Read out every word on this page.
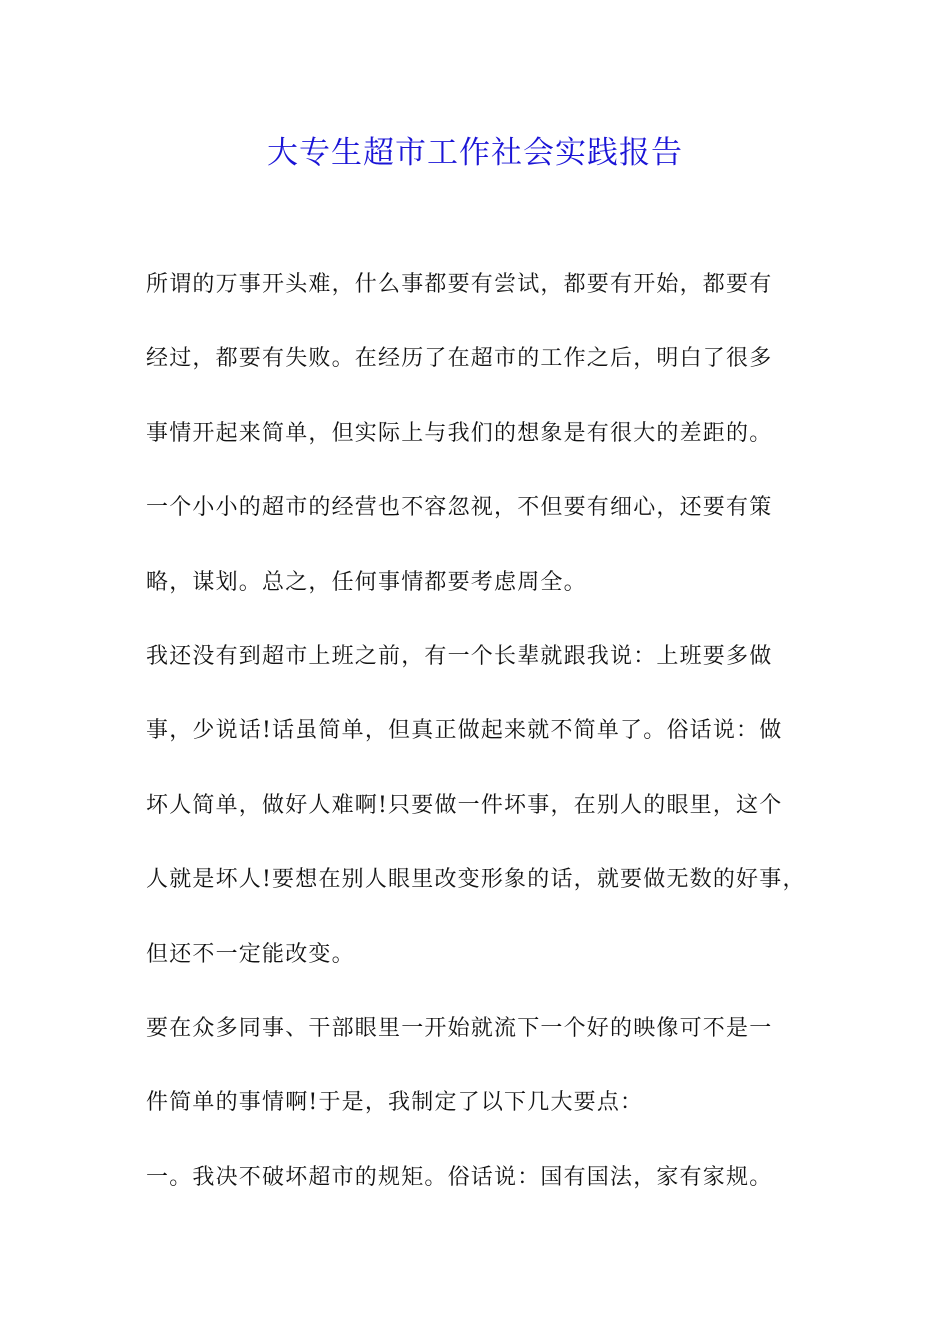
大专生超市工作社会实践报告
所谓的万事开头难，什么事都要有尝试，都要有开始，都要有
经过，都要有失败。在经历了在超市的工作之后，明白了很多
事情开起来简单，但实际上与我们的想象是有很大的差距的。
一个小小的超市的经营也不容忽视，不但要有细心，还要有策
略，谋划。总之，任何事情都要考虑周全。
我还没有到超市上班之前，有一个长辈就跟我说：上班要多做
事，少说话!话虽简单，但真正做起来就不简单了。俗话说：做
坏人简单，做好人难啊!只要做一件坏事，在别人的眼里，这个
人就是坏人!要想在别人眼里改变形象的话，就要做无数的好事，
但还不一定能改变。
要在众多同事、干部眼里一开始就流下一个好的映像可不是一
件简单的事情啊!于是，我制定了以下几大要点：
一。我决不破坏超市的规矩。俗话说：国有国法，家有家规。
